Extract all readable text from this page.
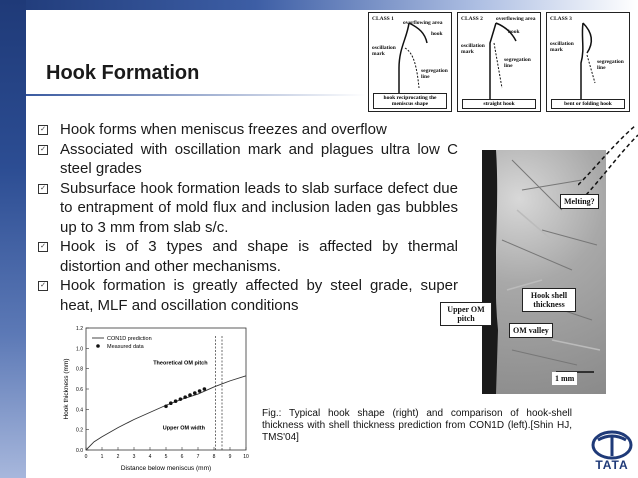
Hook Formation
CLASS 1
overflowing area
hook
oscillation mark
segregation line
hook reciprocating the meniscus shape
CLASS 2 overflowing area
hook
oscillation mark
segregation line
straight hook
CLASS 3
oscillation mark
segregation line
bent or folding hook
✓ Hook forms when meniscus freezes and overflow
✓ Associated with oscillation mark and plagues ultra low C steel grades
✓ Subsurface hook formation leads to slab surface defect due to entrapment of mold flux and inclusion laden gas bubbles up to 3 mm from slab s/c.
✓ Hook is of 3 types and shape is affected by thermal distortion and other mechanisms.
✓ Hook formation is greatly affected by steel grade, super heat, MLF and oscillation conditions
Melting?
Hook shell thickness
Upper OM pitch
OM valley
1 mm
0	1	2	3	4	5	6	7	8	9 10
0.0
0.2
0.4
0.6
0.8
1.0
1.2
Distance below meniscus (mm)
Hook thickness (mm)
CON1D prediction
Measured data
Theoretical OM pitch
Upper OM width
Fig.: Typical hook shape (right) and comparison of hook-shell thickness with shell thickness prediction from CON1D (left).[Shin HJ, TMS'04]
TATA
